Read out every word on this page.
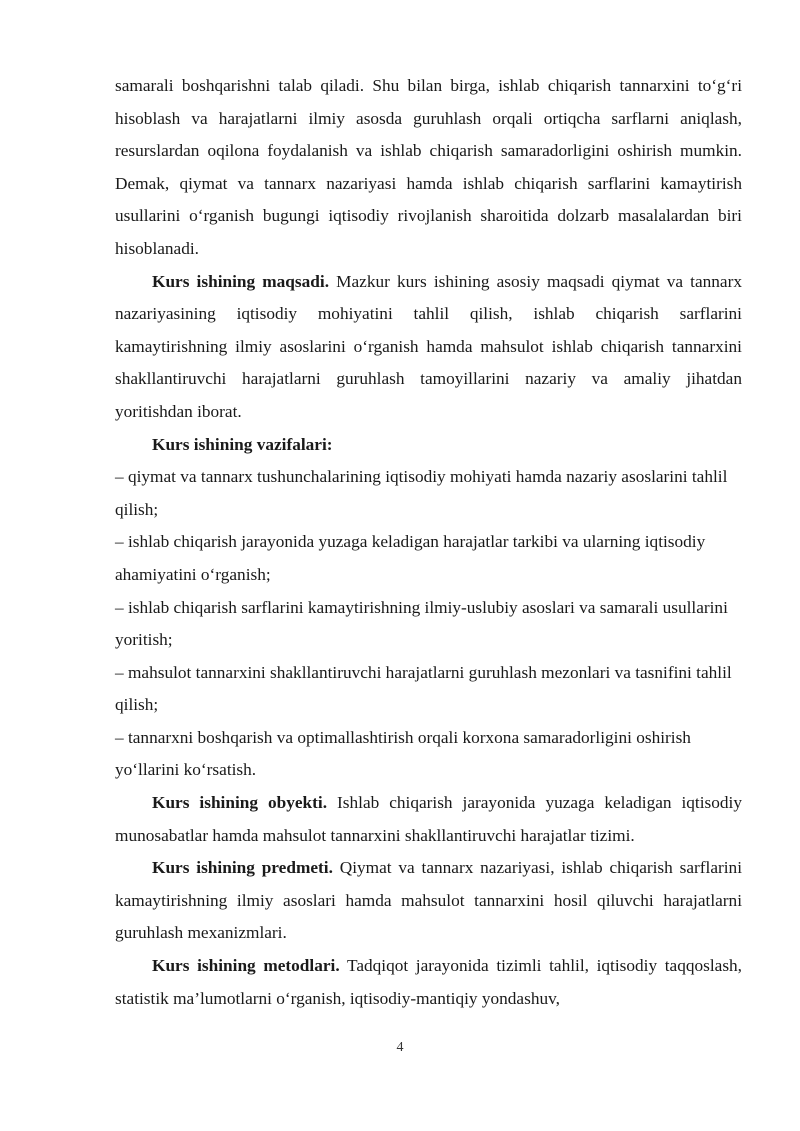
samarali boshqarishni talab qiladi. Shu bilan birga, ishlab chiqarish tannarxini to‘g‘ri hisoblash va harajatlarni ilmiy asosda guruhlash orqali ortiqcha sarflarni aniqlash, resurslardan oqilona foydalanish va ishlab chiqarish samaradorligini oshirish mumkin. Demak, qiymat va tannarx nazariyasi hamda ishlab chiqarish sarflarini kamaytirish usullarini o‘rganish bugungi iqtisodiy rivojlanish sharoitida dolzarb masalalardan biri hisoblanadi.

Kurs ishining maqsadi. Mazkur kurs ishining asosiy maqsadi qiymat va tannarx nazariyasining iqtisodiy mohiyatini tahlil qilish, ishlab chiqarish sarflarini kamaytirishning ilmiy asoslarini o‘rganish hamda mahsulot ishlab chiqarish tannarxini shakllantiruvchi harajatlarni guruhlash tamoyillarini nazariy va amaliy jihatdan yoritishdan iborat.

Kurs ishining vazifalari:

– qiymat va tannarx tushunchalarining iqtisodiy mohiyati hamda nazariy asoslarini tahlil qilish;

– ishlab chiqarish jarayonida yuzaga keladigan harajatlar tarkibi va ularning iqtisodiy ahamiyatini o‘rganish;

– ishlab chiqarish sarflarini kamaytirishning ilmiy-uslubiy asoslari va samarali usullarini yoritish;

– mahsulot tannarxini shakllantiruvchi harajatlarni guruhlash mezonlari va tasnifini tahlil qilish;

– tannarxni boshqarish va optimallashtirish orqali korxona samaradorligini oshirish yo‘llarini ko‘rsatish.

Kurs ishining obyekti. Ishlab chiqarish jarayonida yuzaga keladigan iqtisodiy munosabatlar hamda mahsulot tannarxini shakllantiruvchi harajatlar tizimi.

Kurs ishining predmeti. Qiymat va tannarx nazariyasi, ishlab chiqarish sarflarini kamaytirishning ilmiy asoslari hamda mahsulot tannarxini hosil qiluvchi harajatlarni guruhlash mexanizmlari.

Kurs ishining metodlari. Tadqiqot jarayonida tizimli tahlil, iqtisodiy taqqoslash, statistik ma’lumotlarni o‘rganish, iqtisodiy-mantiqiy yondashuv,

4
